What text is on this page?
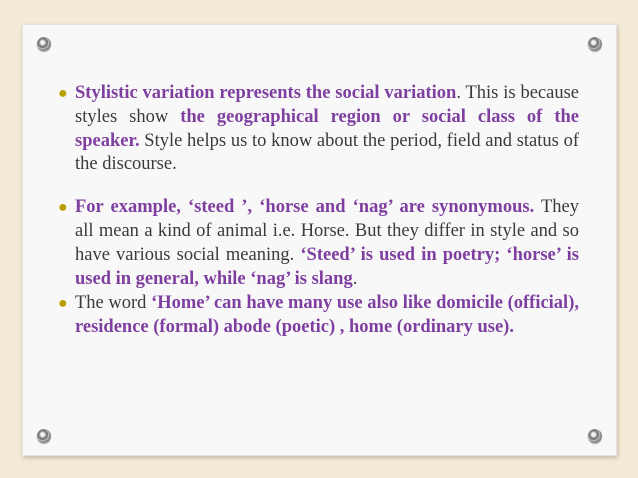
● Stylistic variation represents the social variation. This is because styles show the geographical region or social class of the speaker. Style helps us to know about the period, field and status of the discourse.
● For example, ‘steed ’, ‘horse and ‘nag’ are synonymous. They all mean a kind of animal i.e. Horse. But they differ in style and so have various social meaning. ‘Steed’ is used in poetry; ‘horse’ is used in general, while ‘nag’ is slang.
● The word ‘Home’ can have many use also like domicile (official), residence (formal) abode (poetic) , home (ordinary use).
